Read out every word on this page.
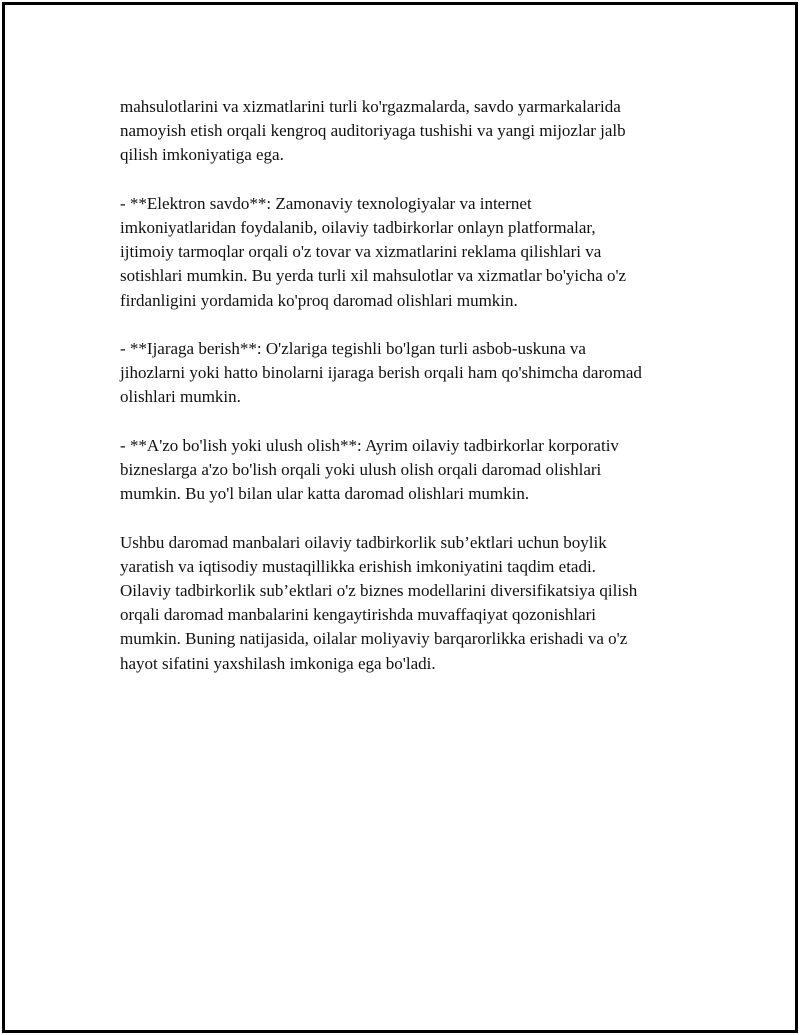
mahsulotlarini va xizmatlarini turli ko'rgazmalarda, savdo yarmarkalarida
namoyish etish orqali kengroq auditoriyaga tushishi va yangi mijozlar jalb
qilish imkoniyatiga ega.

- **Elektron savdo**: Zamonaviy texnologiyalar va internet
imkoniyatlaridan foydalanib, oilaviy tadbirkorlar onlayn platformalar,
ijtimoiy tarmoqlar orqali o'z tovar va xizmatlarini reklama qilishlari va
sotishlari mumkin. Bu yerda turli xil mahsulotlar va xizmatlar bo'yicha o'z
firdanligini yordamida ko'proq daromad olishlari mumkin.

- **Ijaraga berish**: O'zlariga tegishli bo'lgan turli asbob-uskuna va
jihozlarni yoki hatto binolarni ijaraga berish orqali ham qo'shimcha daromad
olishlari mumkin.

- **A'zo bo'lish yoki ulush olish**: Ayrim oilaviy tadbirkorlar korporativ
bizneslarga a'zo bo'lish orqali yoki ulush olish orqali daromad olishlari
mumkin. Bu yo'l bilan ular katta daromad olishlari mumkin.

Ushbu daromad manbalari oilaviy tadbirkorlik sub’ektlari uchun boylik
yaratish va iqtisodiy mustaqillikka erishish imkoniyatini taqdim etadi.
Oilaviy tadbirkorlik sub’ektlari o'z biznes modellarini diversifikatsiya qilish
orqali daromad manbalarini kengaytirishda muvaffaqiyat qozonishlari
mumkin. Buning natijasida, oilalar moliyaviy barqarorlikka erishadi va o'z
hayot sifatini yaxshilash imkoniga ega bo'ladi.
